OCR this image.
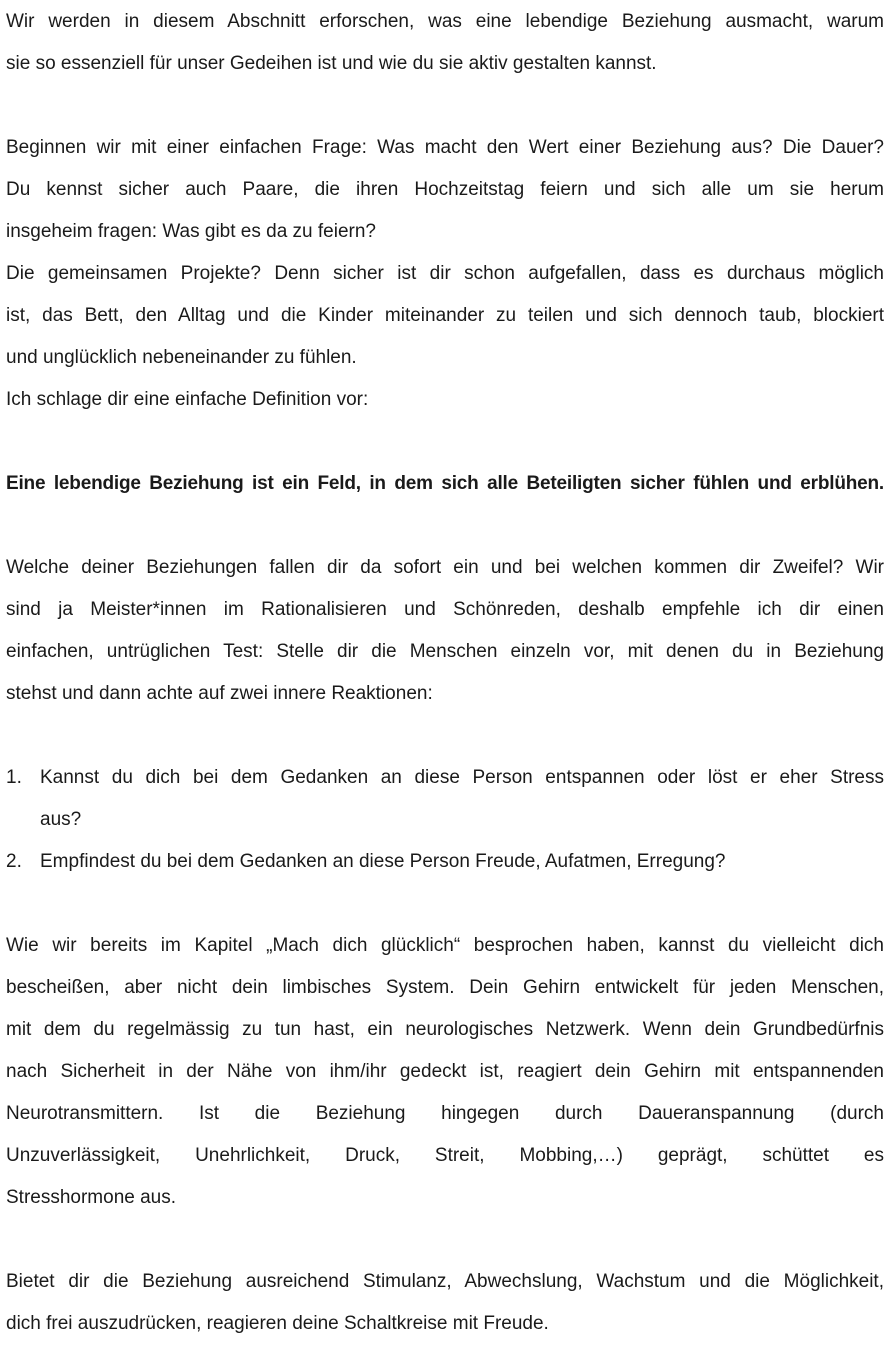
Wir werden in diesem Abschnitt erforschen, was eine lebendige Beziehung ausmacht, warum
sie so essenziell für unser Gedeihen ist und wie du sie aktiv gestalten kannst.
Beginnen wir mit einer einfachen Frage: Was macht den Wert einer Beziehung aus? Die Dauer?
Du kennst sicher auch Paare, die ihren Hochzeitstag feiern und sich alle um sie herum
insgeheim fragen: Was gibt es da zu feiern?
Die gemeinsamen Projekte? Denn sicher ist dir schon aufgefallen, dass es durchaus möglich
ist, das Bett, den Alltag und die Kinder miteinander zu teilen und sich dennoch taub, blockiert
und unglücklich nebeneinander zu fühlen.
Ich schlage dir eine einfache Definition vor:
Eine lebendige Beziehung ist ein Feld, in dem sich alle Beteiligten sicher fühlen und erblühen.
Welche deiner Beziehungen fallen dir da sofort ein und bei welchen kommen dir Zweifel? Wir
sind ja Meister*innen im Rationalisieren und Schönreden, deshalb empfehle ich dir einen
einfachen, untrüglichen Test: Stelle dir die Menschen einzeln vor, mit denen du in Beziehung
stehst und dann achte auf zwei innere Reaktionen:
1. Kannst du dich bei dem Gedanken an diese Person entspannen oder löst er eher Stress
aus?
2. Empfindest du bei dem Gedanken an diese Person Freude, Aufatmen, Erregung?
Wie wir bereits im Kapitel „Mach dich glücklich“ besprochen haben, kannst du vielleicht dich
bescheißen, aber nicht dein limbisches System. Dein Gehirn entwickelt für jeden Menschen,
mit dem du regelmässig zu tun hast, ein neurologisches Netzwerk. Wenn dein Grundbedürfnis
nach Sicherheit in der Nähe von ihm/ihr gedeckt ist, reagiert dein Gehirn mit entspannenden
Neurotransmittern. Ist die Beziehung hingegen durch Daueranspannung (durch
Unzuverlässigkeit, Unehrlichkeit, Druck, Streit, Mobbing,…) geprägt, schüttet es
Stresshormone aus.
Bietet dir die Beziehung ausreichend Stimulanz, Abwechslung, Wachstum und die Möglichkeit,
dich frei auszudrücken, reagieren deine Schaltkreise mit Freude.
